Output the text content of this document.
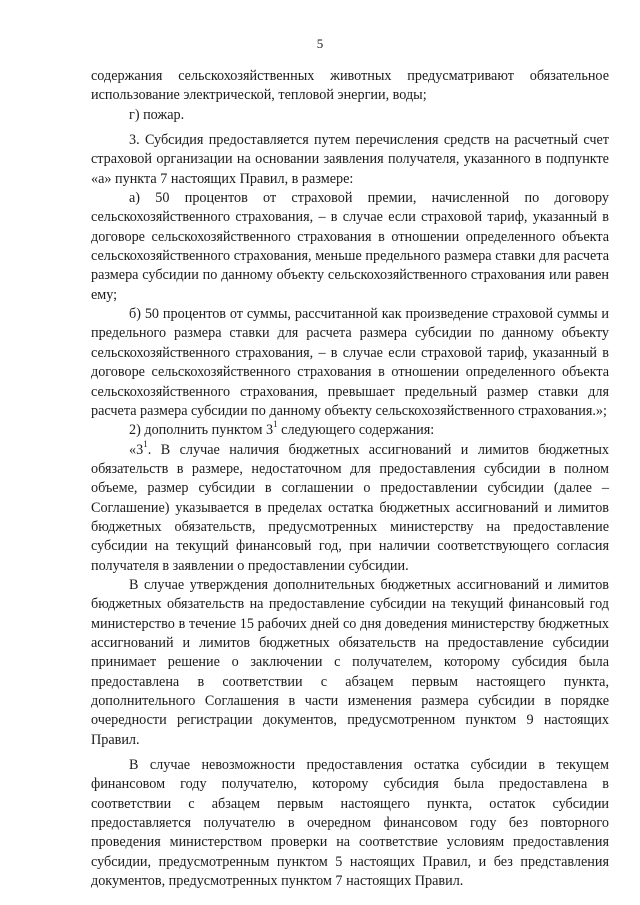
5

содержания сельскохозяйственных животных предусматривают обязательное использование электрической, тепловой энергии, воды;

г) пожар.

3. Субсидия предоставляется путем перечисления средств на расчетный счет страховой организации на основании заявления получателя, указанного в подпункте «а» пункта 7 настоящих Правил, в размере:

а) 50 процентов от страховой премии, начисленной по договору сельскохозяйственного страхования, – в случае если страховой тариф, указанный в договоре сельскохозяйственного страхования в отношении определенного объекта сельскохозяйственного страхования, меньше предельного размера ставки для расчета размера субсидии по данному объекту сельскохозяйственного страхования или равен ему;

б) 50 процентов от суммы, рассчитанной как произведение страховой суммы и предельного размера ставки для расчета размера субсидии по данному объекту сельскохозяйственного страхования, – в случае если страховой тариф, указанный в договоре сельскохозяйственного страхования в отношении определенного объекта сельскохозяйственного страхования, превышает предельный размер ставки для расчета размера субсидии по данному объекту сельскохозяйственного страхования.»;

2) дополнить пунктом $3^1$ следующего содержания:

«$3^1$. В случае наличия бюджетных ассигнований и лимитов бюджетных обязательств в размере, недостаточном для предоставления субсидии в полном объеме, размер субсидии в соглашении о предоставлении субсидии (далее – Соглашение) указывается в пределах остатка бюджетных ассигнований и лимитов бюджетных обязательств, предусмотренных министерству на предоставление субсидии на текущий финансовый год, при наличии соответствующего согласия получателя в заявлении о предоставлении субсидии.

В случае утверждения дополнительных бюджетных ассигнований и лимитов бюджетных обязательств на предоставление субсидии на текущий финансовый год министерство в течение 15 рабочих дней со дня доведения министерству бюджетных ассигнований и лимитов бюджетных обязательств на предоставление субсидии принимает решение о заключении с получателем, которому субсидия была предоставлена в соответствии с абзацем первым настоящего пункта, дополнительного Соглашения в части изменения размера субсидии в порядке очередности регистрации документов, предусмотренном пунктом 9 настоящих Правил.

В случае невозможности предоставления остатка субсидии в текущем финансовом году получателю, которому субсидия была предоставлена в соответствии с абзацем первым настоящего пункта, остаток субсидии предоставляется получателю в очередном финансовом году без повторного проведения министерством проверки на соответствие условиям предоставления субсидии, предусмотренным пунктом 5 настоящих Правил, и без представления документов, предусмотренных пунктом 7 настоящих Правил.
